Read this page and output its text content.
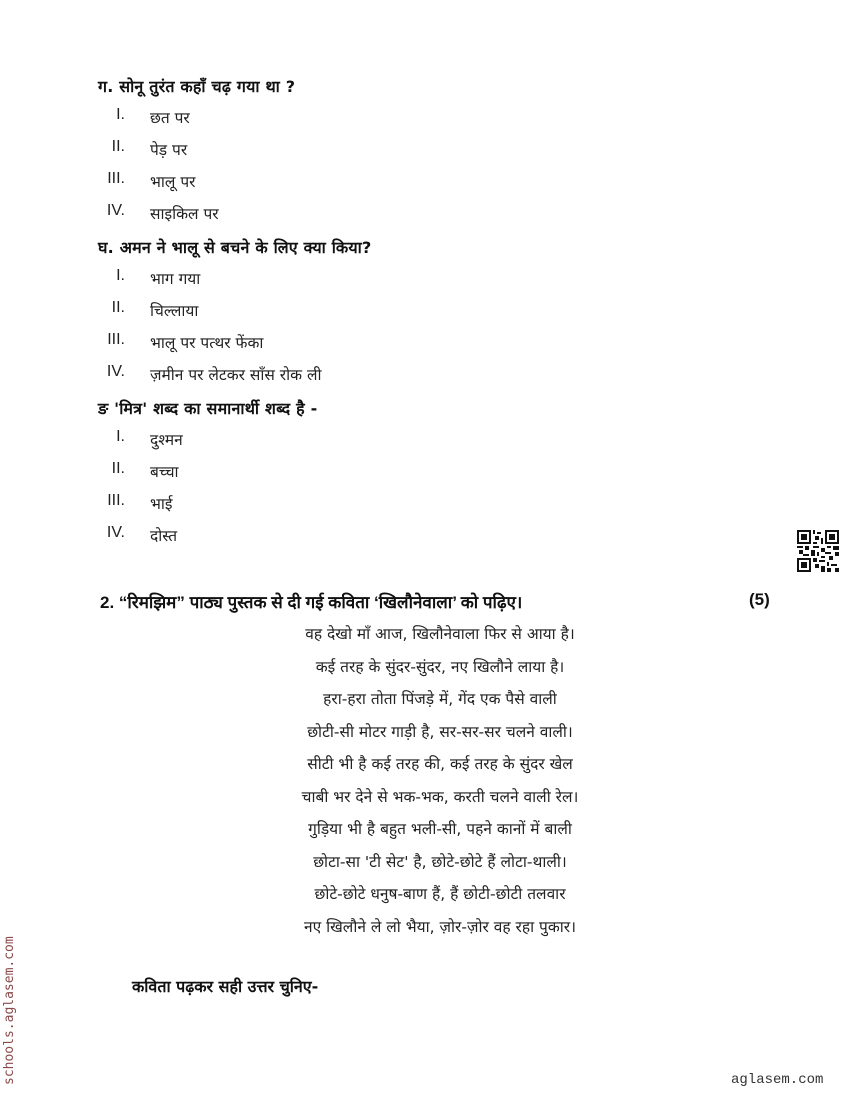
ग. सोनू तुरंत कहाँ चढ़ गया था ?
I. छत पर
II. पेड़ पर
III. भालू पर
IV. साइकिल पर
घ. अमन ने भालू से बचने के लिए क्या किया?
I. भाग गया
II. चिल्लाया
III. भालू पर पत्थर फेंका
IV. ज़मीन पर लेटकर साँस रोक ली
ङ 'मित्र' शब्द का समानार्थी शब्द है -
I. दुश्मन
II. बच्चा
III. भाई
IV. दोस्त
2. “रिमझिम” पाठ्य पुस्तक से दी गई कविता ‘खिलौनेवाला’ को पढ़िए।	(5)
वह देखो माँ आज, खिलौनेवाला फिर से आया है।
कई तरह के सुंदर-सुंदर, नए खिलौने लाया है।
हरा-हरा तोता पिंजड़े में, गेंद एक पैसे वाली
छोटी-सी मोटर गाड़ी है, सर-सर-सर चलने वाली।
सीटी भी है कई तरह की, कई तरह के सुंदर खेल
चाबी भर देने से भक-भक, करती चलने वाली रेल।
गुड़िया भी है बहुत भली-सी, पहने कानों में बाली
छोटा-सा 'टी सेट' है, छोटे-छोटे हैं लोटा-थाली।
छोटे-छोटे धनुष-बाण हैं, हैं छोटी-छोटी तलवार
नए खिलौने ले लो भैया, ज़ोर-ज़ोर वह रहा पुकार।
कविता पढ़कर सही उत्तर चुनिए-
schools.aglasem.com	aglasem.com
